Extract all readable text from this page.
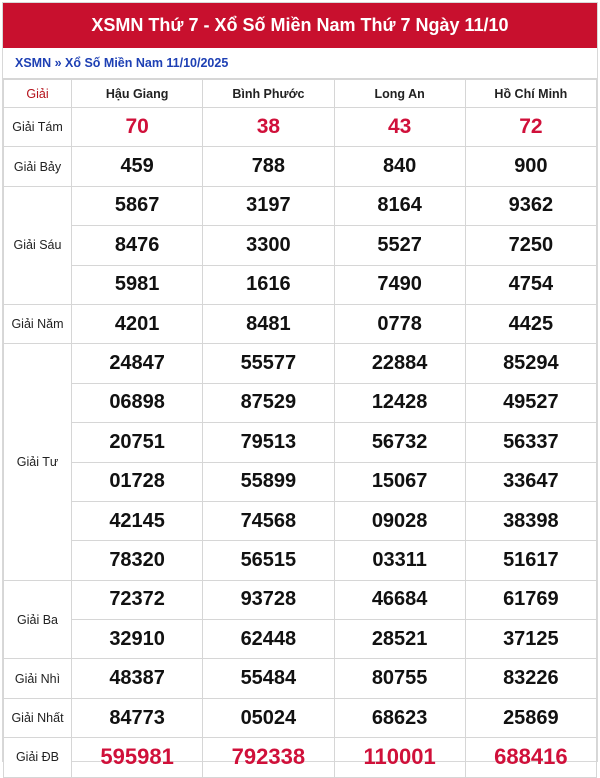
XSMN Thứ 7 - Xổ Số Miền Nam Thứ 7 Ngày 11/10
XSMN » Xổ Số Miền Nam 11/10/2025
Giải	Hậu Giang	Bình Phước	Long An	Hồ Chí Minh
Giải Tám	70	38	43	72
Giải Bảy	459	788	840	900
Giải Sáu	5867	3197	8164	9362
	8476	3300	5527	7250
	5981	1616	7490	4754
Giải Năm	4201	8481	0778	4425
Giải Tư	24847	55577	22884	85294
	06898	87529	12428	49527
	20751	79513	56732	56337
	01728	55899	15067	33647
	42145	74568	09028	38398
	78320	56515	03311	51617
Giải Ba	72372	93728	46684	61769
	32910	62448	28521	37125
Giải Nhì	48387	55484	80755	83226
Giải Nhất	84773	05024	68623	25869
Giải ĐB	595981	792338	110001	688416
